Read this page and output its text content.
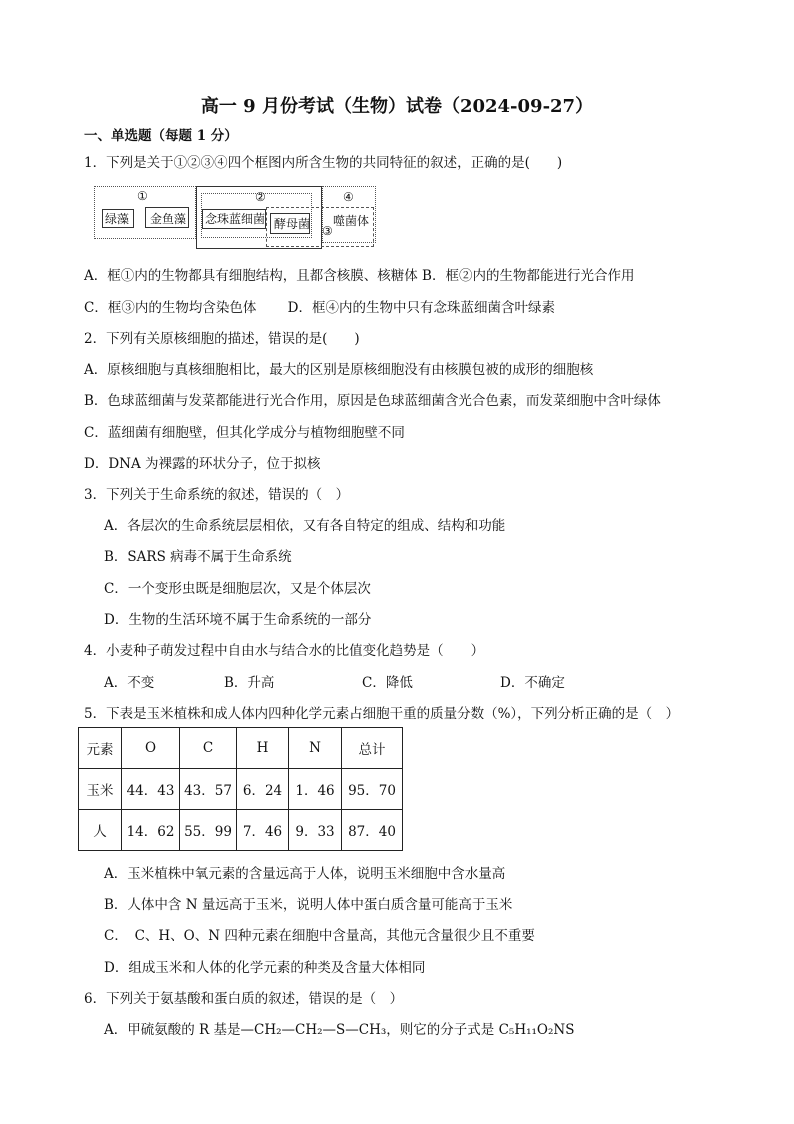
高一 9 月份考试（生物）试卷（2024-09-27）
一、单选题（每题 1 分）
1．下列是关于①②③④四个框图内所含生物的共同特征的叙述，正确的是(　　)
①	②	④
③
绿藻 金鱼藻 念珠蓝细菌 酵母菌 噬菌体
A．框①内的生物都具有细胞结构，且都含核膜、核糖体 B．框②内的生物都能进行光合作用
C．框③内的生物均含染色体　　 D．框④内的生物中只有念珠蓝细菌含叶绿素
2．下列有关原核细胞的描述，错误的是(　　)
A．原核细胞与真核细胞相比，最大的区别是原核细胞没有由核膜包被的成形的细胞核
B．色球蓝细菌与发菜都能进行光合作用，原因是色球蓝细菌含光合色素，而发菜细胞中含叶绿体
C．蓝细菌有细胞壁，但其化学成分与植物细胞壁不同
D．DNA 为裸露的环状分子，位于拟核
3．下列关于生命系统的叙述，错误的（　）
A．各层次的生命系统层层相依，又有各自特定的组成、结构和功能
B．SARS 病毒不属于生命系统
C．一个变形虫既是细胞层次，又是个体层次
D．生物的生活环境不属于生命系统的一部分
4．小麦种子萌发过程中自由水与结合水的比值变化趋势是（　　）
A．不变	B．升高	C．降低	D．不确定
5．下表是玉米植株和成人体内四种化学元素占细胞干重的质量分数（%），下列分析正确的是（　）
元素	O	C	H	N	总计
玉米	44．43	43．57	6．24	1．46	95．70
人	14．62	55．99	7．46	9．33	87．40
A．玉米植株中氧元素的含量远高于人体，说明玉米细胞中含水量高
B．人体中含 N 量远高于玉米，说明人体中蛋白质含量可能高于玉米
C．　C、H、O、N 四种元素在细胞中含量高，其他元含量很少且不重要
D．组成玉米和人体的化学元素的种类及含量大体相同
6．下列关于氨基酸和蛋白质的叙述，错误的是（　）
A．甲硫氨酸的 R 基是—CH₂—CH₂—S—CH₃，则它的分子式是 C₅H₁₁O₂NS
